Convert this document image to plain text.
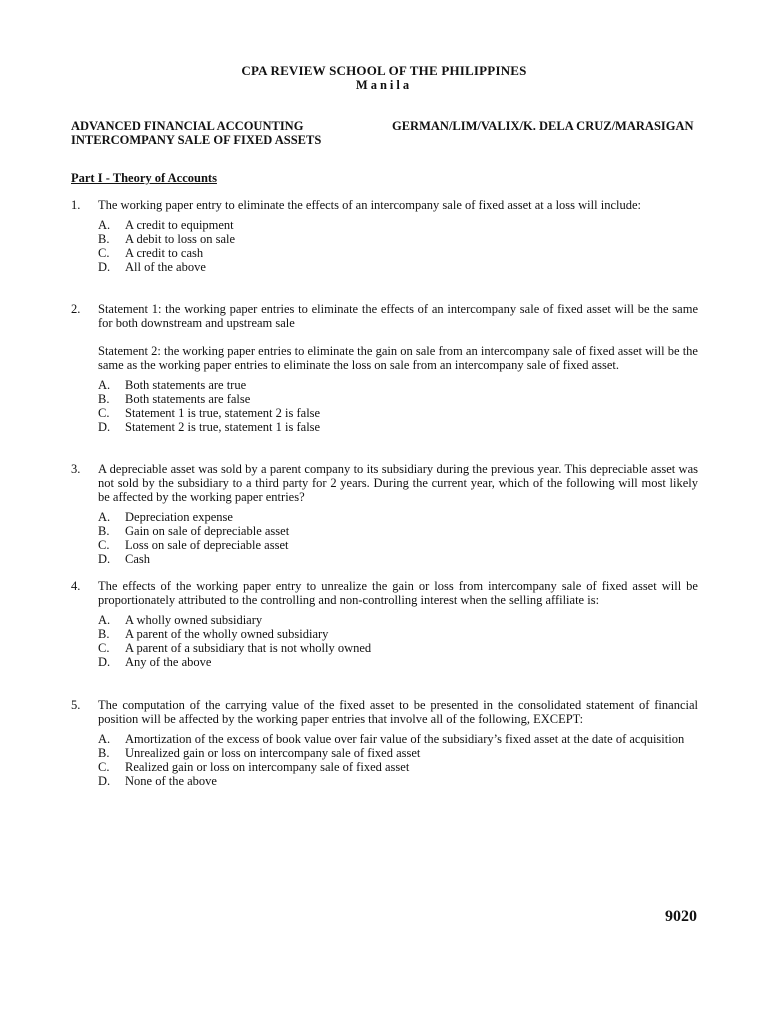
CPA REVIEW SCHOOL OF THE PHILIPPINES
Manila
ADVANCED FINANCIAL ACCOUNTING
INTERCOMPANY SALE OF FIXED ASSETS
GERMAN/LIM/VALIX/K. DELA CRUZ/MARASIGAN
Part I - Theory of Accounts
1. The working paper entry to eliminate the effects of an intercompany sale of fixed asset at a loss will include:

A. A credit to equipment
B. A debit to loss on sale
C. A credit to cash
D. All of the above
2. Statement 1: the working paper entries to eliminate the effects of an intercompany sale of fixed asset will be the same for both downstream and upstream sale

Statement 2: the working paper entries to eliminate the gain on sale from an intercompany sale of fixed asset will be the same as the working paper entries to eliminate the loss on sale from an intercompany sale of fixed asset.

A. Both statements are true
B. Both statements are false
C. Statement 1 is true, statement 2 is false
D. Statement 2 is true, statement 1 is false
3. A depreciable asset was sold by a parent company to its subsidiary during the previous year. This depreciable asset was not sold by the subsidiary to a third party for 2 years. During the current year, which of the following will most likely be affected by the working paper entries?

A. Depreciation expense
B. Gain on sale of depreciable asset
C. Loss on sale of depreciable asset
D. Cash
4. The effects of the working paper entry to unrealize the gain or loss from intercompany sale of fixed asset will be proportionately attributed to the controlling and non-controlling interest when the selling affiliate is:

A. A wholly owned subsidiary
B. A parent of the wholly owned subsidiary
C. A parent of a subsidiary that is not wholly owned
D. Any of the above
5. The computation of the carrying value of the fixed asset to be presented in the consolidated statement of financial position will be affected by the working paper entries that involve all of the following, EXCEPT:

A. Amortization of the excess of book value over fair value of the subsidiary’s fixed asset at the date of acquisition
B. Unrealized gain or loss on intercompany sale of fixed asset
C. Realized gain or loss on intercompany sale of fixed asset
D. None of the above
9020
